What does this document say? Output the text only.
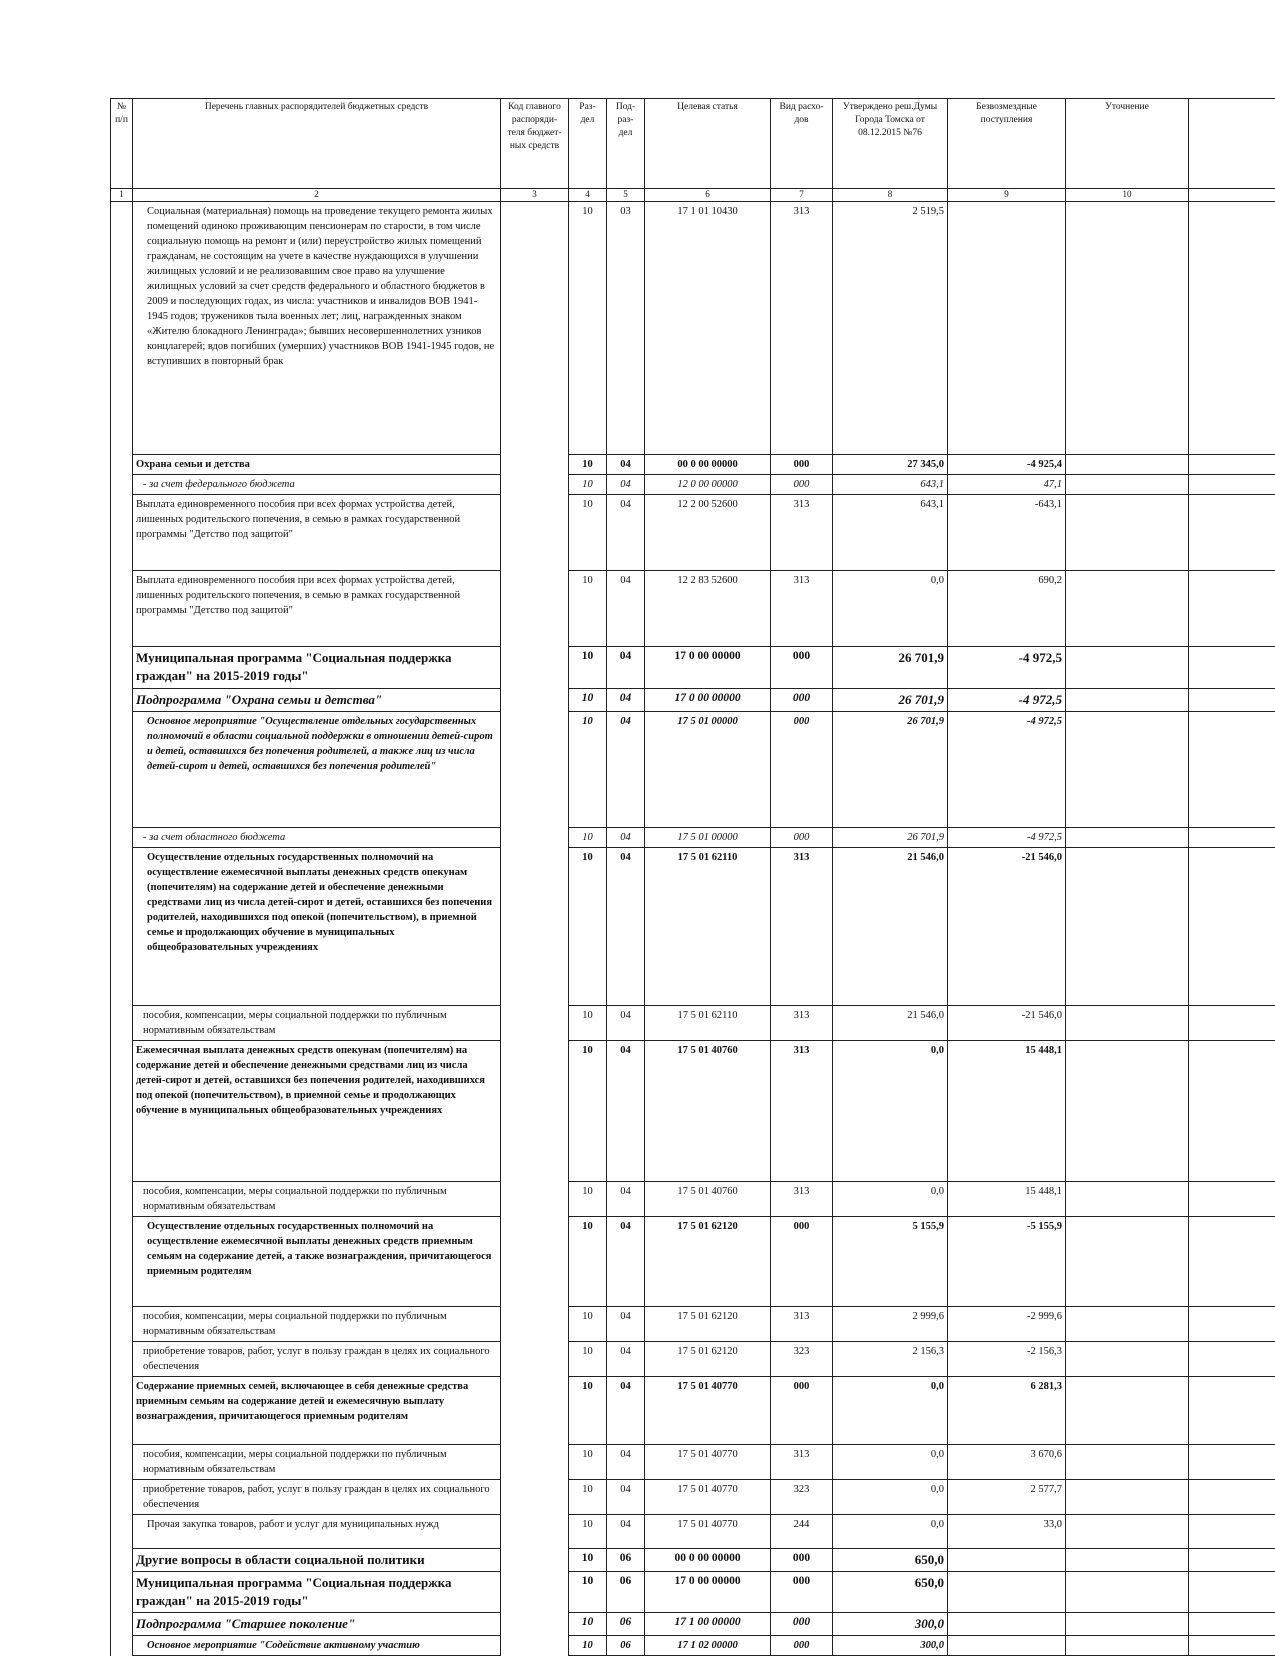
№ п/п	Перечень главных распорядителей бюджетных средств	Код главного распоряди- теля бюджет- ных средств	Раз- дел	Под- раз- дел	Целевая статья	Вид расхо- дов	Утверждено реш.Думы Города Томска от 08.12.2015 №76	Безвозмездные поступления	Уточнение	
1	2	3	4	5	6	7	8	9	10	
	Социальная (материальная) помощь на проведение текущего ремонта жилых помещений одиноко проживающим пенсионерам по старости, в том числе социальную помощь на ремонт и (или) переустройство жилых помещений гражданам, не состоящим на учете в качестве нуждающихся в улучшении жилищных условий и не реализовавшим свое право на улучшение жилищных условий за счет средств федерального и областного бюджетов в 2009 и последующих годах, из числа: участников и инвалидов ВОВ 1941-1945 годов; тружеников тыла военных лет; лиц, награжденных знаком «Жителю блокадного Ленинграда»; бывших несовершеннолетних узников концлагерей; вдов погибших (умерших) участников ВОВ 1941-1945 годов, не вступивших в повторный брак		10	03	17 1 01 10430	313	2 519,5			
	Охрана семьи и детства		10	04	00 0 00 00000	000	27 345,0	-4 925,4		
	- за счет федерального бюджета		10	04	12 0 00 00000	000	643,1	47,1		
	Выплата единовременного пособия при всех формах устройства детей, лишенных родительского попечения, в семью в рамках государственной программы "Детство под защитой"		10	04	12 2 00 52600	313	643,1	-643,1		
	Выплата единовременного пособия при всех формах устройства детей, лишенных родительского попечения, в семью в рамках государственной программы "Детство под защитой"		10	04	12 2 83 52600	313	0,0	690,2		
	Муниципальная программа "Социальная поддержка граждан" на 2015-2019 годы"		10	04	17 0 00 00000	000	26 701,9	-4 972,5		
	Подпрограмма "Охрана семьи и детства"		10	04	17 0 00 00000	000	26 701,9	-4 972,5		
	Основное мероприятие "Осуществление отдельных государственных полномочий в области социальной поддержки в отношении детей-сирот и детей, оставшихся без попечения родителей, а также лиц из числа детей-сирот и детей, оставшихся без попечения родителей"		10	04	17 5 01 00000	000	26 701,9	-4 972,5		
	- за счет областного бюджета		10	04	17 5 01 00000	000	26 701,9	-4 972,5		
	Осуществление отдельных государственных полномочий на осуществление ежемесячной выплаты денежных средств опекунам (попечителям) на содержание детей и обеспечение денежными средствами лиц из числа детей-сирот и детей, оставшихся без попечения родителей, находившихся под опекой (попечительством), в приемной семье и продолжающих обучение в муниципальных общеобразовательных учреждениях		10	04	17 5 01 62110	313	21 546,0	-21 546,0		
	пособия, компенсации, меры социальной поддержки по публичным нормативным обязательствам		10	04	17 5 01 62110	313	21 546,0	-21 546,0		
	Ежемесячная выплата денежных средств опекунам (попечителям) на содержание детей и обеспечение денежными средствами лиц из числа детей-сирот и детей, оставшихся без попечения родителей, находившихся под опекой (попечительством), в приемной семье и продолжающих обучение в муниципальных общеобразовательных учреждениях		10	04	17 5 01 40760	313	0,0	15 448,1		
	пособия, компенсации, меры социальной поддержки по публичным нормативным обязательствам		10	04	17 5 01 40760	313	0,0	15 448,1		
	Осуществление отдельных государственных полномочий на осуществление ежемесячной выплаты денежных средств приемным семьям на содержание детей, а также вознаграждения, причитающегося приемным родителям		10	04	17 5 01 62120	000	5 155,9	-5 155,9		
	пособия, компенсации, меры социальной поддержки по публичным нормативным обязательствам		10	04	17 5 01 62120	313	2 999,6	-2 999,6		
	приобретение товаров, работ, услуг в пользу граждан в целях их социального обеспечения		10	04	17 5 01 62120	323	2 156,3	-2 156,3		
	Содержание приемных семей, включающее в себя денежные средства приемным семьям на содержание детей и ежемесячную выплату вознаграждения, причитающегося приемным родителям		10	04	17 5 01 40770	000	0,0	6 281,3		
	пособия, компенсации, меры социальной поддержки по публичным нормативным обязательствам		10	04	17 5 01 40770	313	0,0	3 670,6		
	приобретение товаров, работ, услуг в пользу граждан в целях их социального обеспечения		10	04	17 5 01 40770	323	0,0	2 577,7		
	Прочая закупка товаров, работ и услуг для муниципальных нужд		10	04	17 5 01 40770	244	0,0	33,0		
	Другие вопросы в области социальной политики		10	06	00 0 00 00000	000	650,0			
	Муниципальная программа "Социальная поддержка граждан" на 2015-2019 годы"		10	06	17 0 00 00000	000	650,0			
	Подпрограмма "Старшее поколение"		10	06	17 1 00 00000	000	300,0			
	Основное мероприятие "Содействие активному участию		10	06	17 1 02 00000	000	300,0			
